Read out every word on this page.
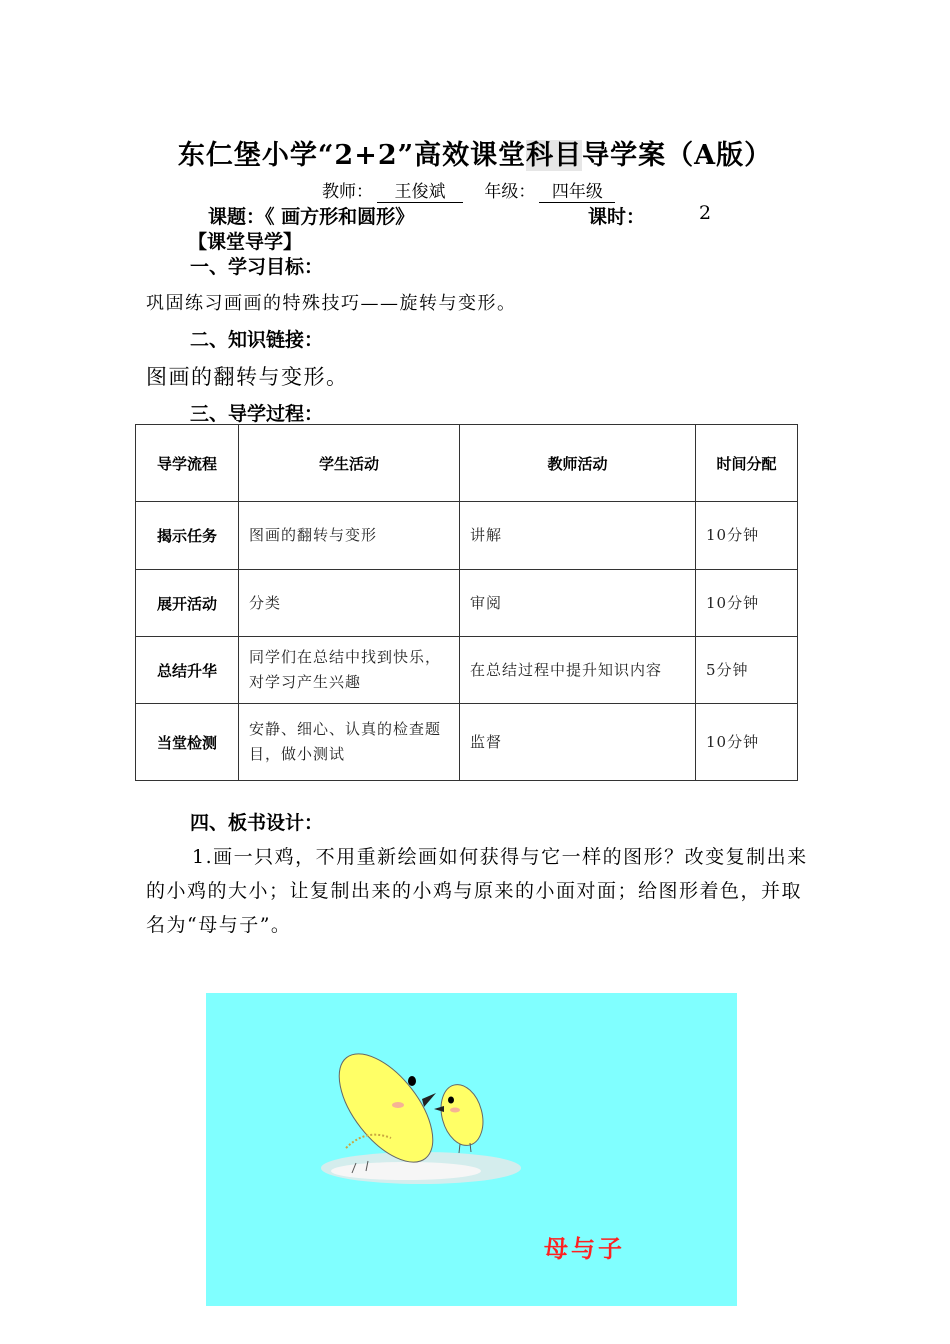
东仁堡小学“2+2”高效课堂科目导学案（A版）
教师： 王俊斌 年级： 四年级
课题：《 画方形和圆形》	课时：	2
【课堂导学】
一、学习目标：
巩固练习画画的特殊技巧——旋转与变形。
二、知识链接：
图画的翻转与变形。
三、导学过程：
导学流程	学生活动	教师活动	时间分配
揭示任务	图画的翻转与变形	讲解	10分钟
展开活动	分类	审阅	10分钟
总结升华	同学们在总结中找到快乐，对学习产生兴趣	在总结过程中提升知识内容	5分钟
当堂检测	安静、细心、认真的检查题目，做小测试	监督	10分钟
四、板书设计：
1.画一只鸡，不用重新绘画如何获得与它一样的图形？改变复制出来的小鸡的大小；让复制出来的小鸡与原来的小面对面；给图形着色，并取名为“母与子”。
母与子
